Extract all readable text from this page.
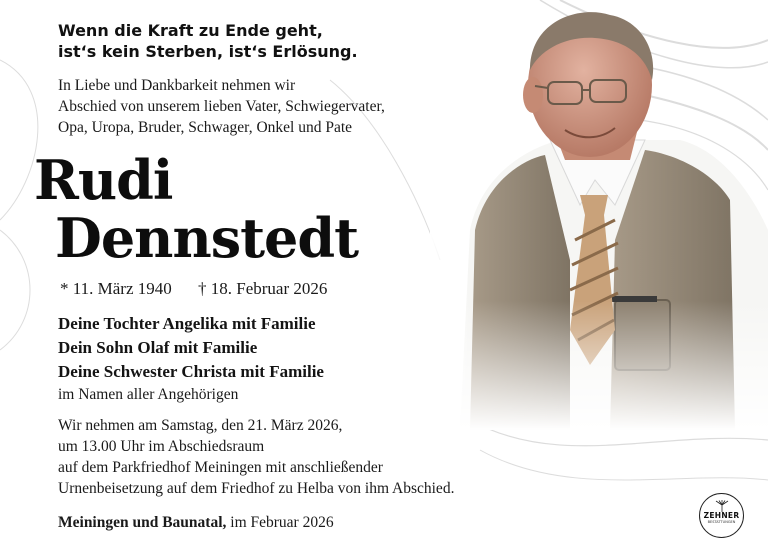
Wenn die Kraft zu Ende geht,
ist‘s kein Sterben, ist‘s Erlösung.
In Liebe und Dankbarkeit nehmen wir
Abschied von unserem lieben Vater, Schwiegervater,
Opa, Uropa, Bruder, Schwager, Onkel und Pate
Rudi
Dennstedt
* 11. März 1940 † 18. Februar 2026
Deine Tochter Angelika mit Familie
Dein Sohn Olaf mit Familie
Deine Schwester Christa mit Familie
im Namen aller Angehörigen
Wir nehmen am Samstag, den 21. März 2026,
um 13.00 Uhr im Abschiedsraum
auf dem Parkfriedhof Meiningen mit anschließender
Urnenbeisetzung auf dem Friedhof zu Helba von ihm Abschied.
Meiningen und Baunatal, im Februar 2026	ZEHNER
BESTATTUNGEN
